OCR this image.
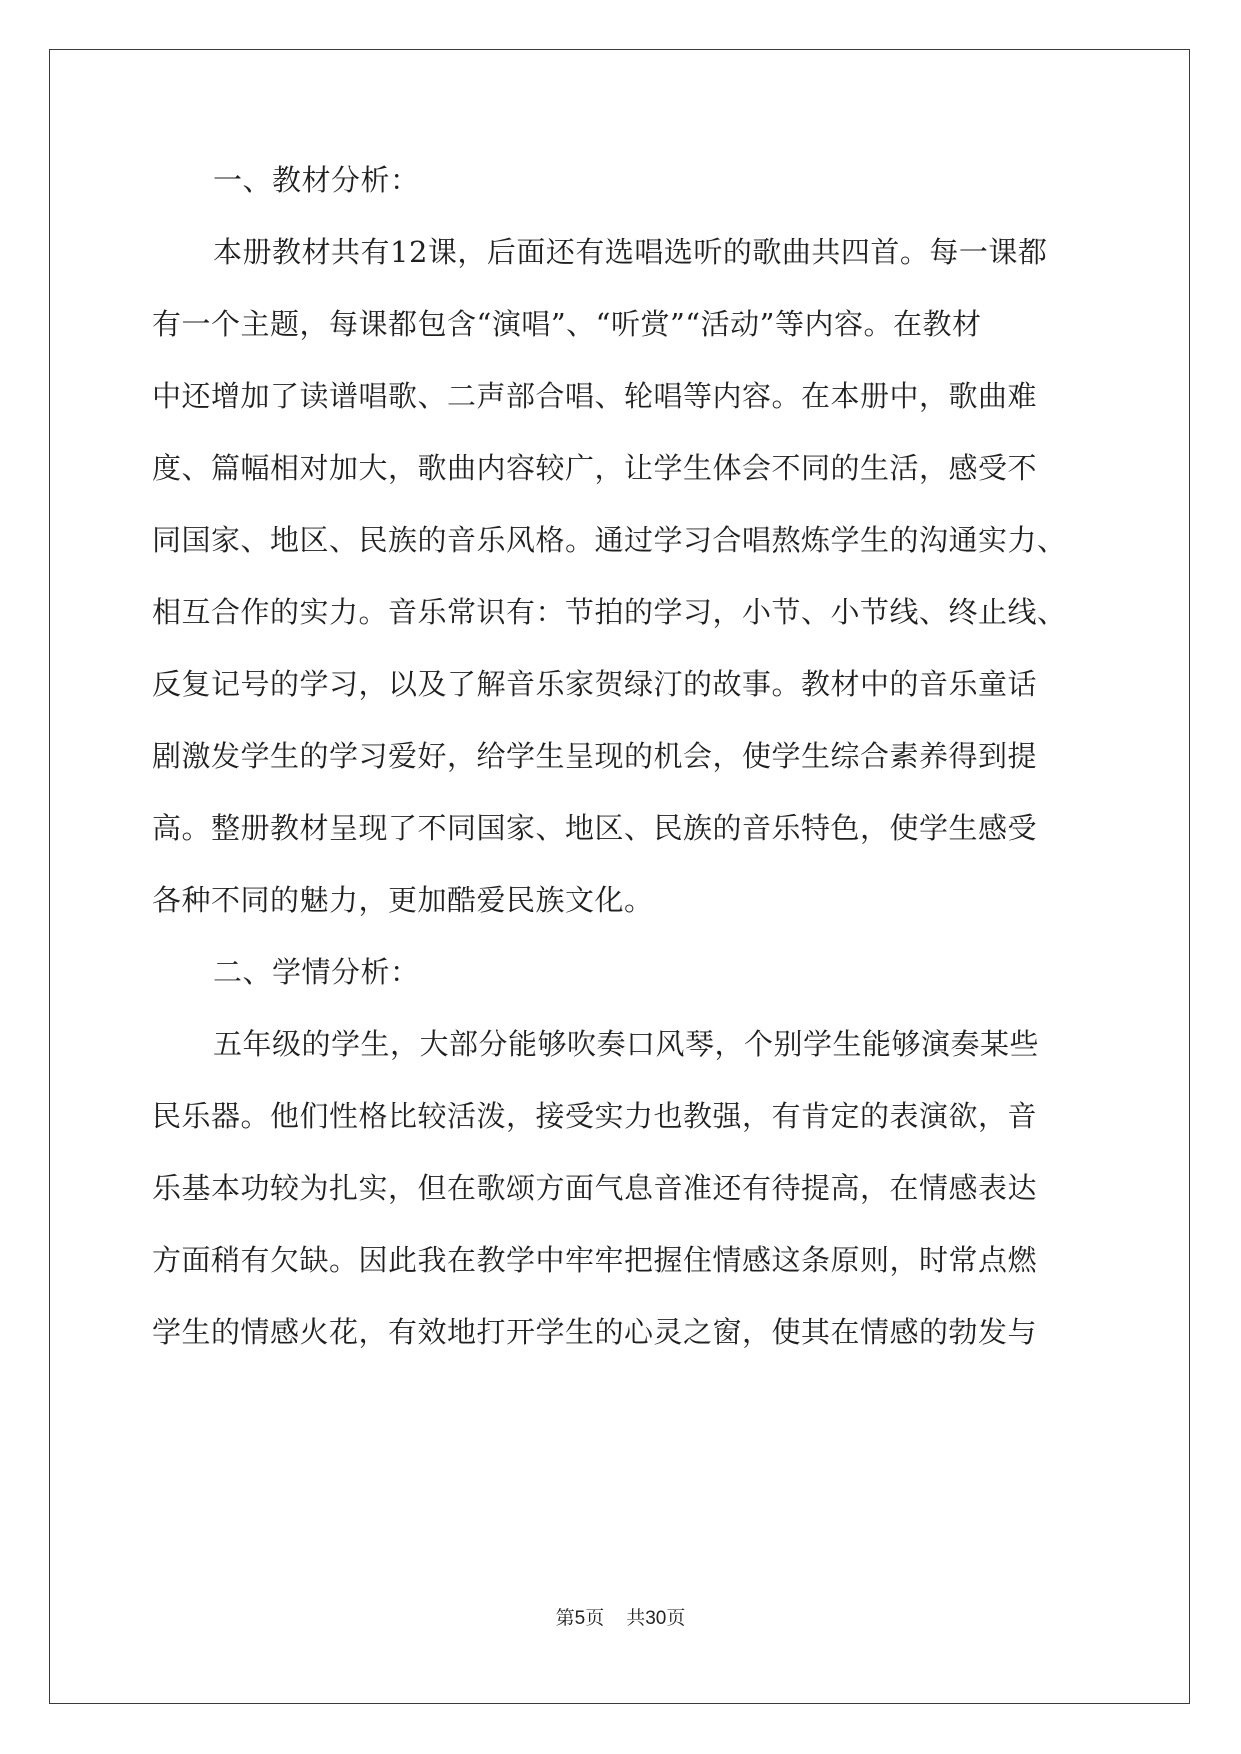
一、教材分析：
本册教材共有12课，后面还有选唱选听的歌曲共四首。每一课都
有一个主题，每课都包含“演唱”、“听赏”“活动”等内容。在教材
中还增加了读谱唱歌、二声部合唱、轮唱等内容。在本册中，歌曲难
度、篇幅相对加大，歌曲内容较广，让学生体会不同的生活，感受不
同国家、地区、民族的音乐风格。通过学习合唱熬炼学生的沟通实力、
相互合作的实力。音乐常识有：节拍的学习，小节、小节线、终止线、
反复记号的学习，以及了解音乐家贺绿汀的故事。教材中的音乐童话
剧激发学生的学习爱好，给学生呈现的机会，使学生综合素养得到提
高。整册教材呈现了不同国家、地区、民族的音乐特色，使学生感受
各种不同的魅力，更加酷爱民族文化。
二、学情分析：
五年级的学生，大部分能够吹奏口风琴，个别学生能够演奏某些
民乐器。他们性格比较活泼，接受实力也教强，有肯定的表演欲，音
乐基本功较为扎实，但在歌颂方面气息音准还有待提高，在情感表达
方面稍有欠缺。因此我在教学中牢牢把握住情感这条原则，时常点燃
学生的情感火花，有效地打开学生的心灵之窗，使其在情感的勃发与
第5页 共30页
